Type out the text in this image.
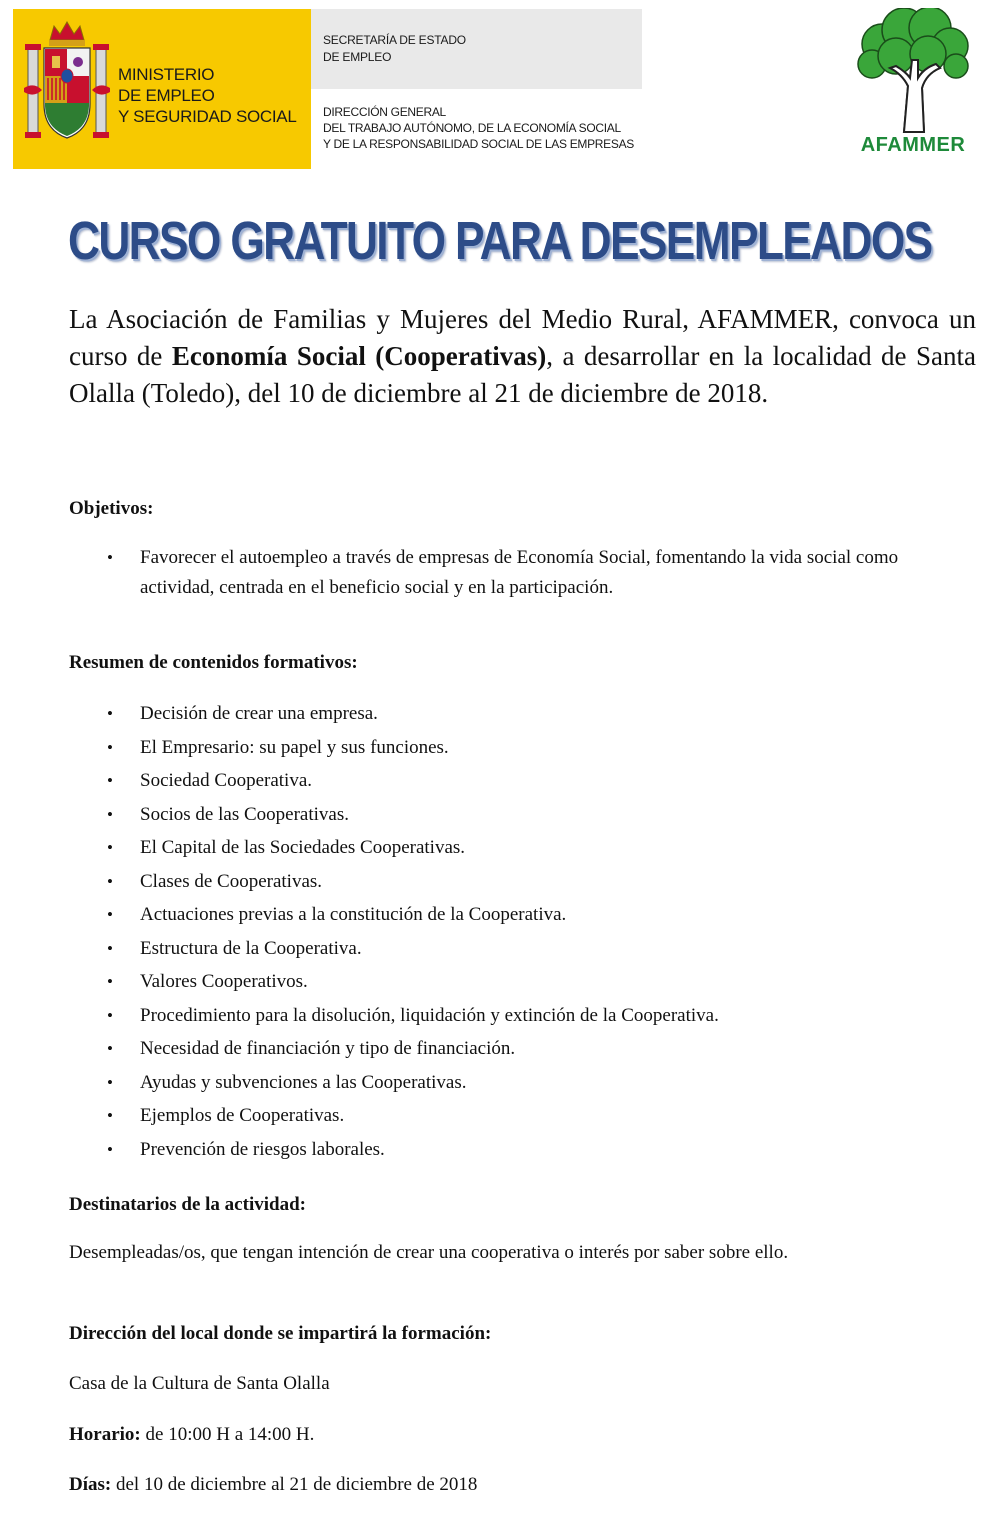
MINISTERIO
DE EMPLEO
Y SEGURIDAD SOCIAL
SECRETARÍA DE ESTADO
DE EMPLEO
DIRECCIÓN GENERAL
DEL TRABAJO AUTÓNOMO, DE LA ECONOMÍA SOCIAL
Y DE LA RESPONSABILIDAD SOCIAL DE LAS EMPRESAS	AFAMMER
CURSO GRATUITO PARA DESEMPLEADOS

La Asociación de Familias y Mujeres del Medio Rural, AFAMMER, convoca un curso de Economía Social (Cooperativas), a desarrollar en la localidad de Santa Olalla (Toledo), del 10 de diciembre al 21 de diciembre de 2018.

Objetivos:

• Favorecer el autoempleo a través de empresas de Economía Social, fomentando la vida social como actividad, centrada en el beneficio social y en la participación.

Resumen de contenidos formativos:

• Decisión de crear una empresa.
• El Empresario: su papel y sus funciones.
• Sociedad Cooperativa.
• Socios de las Cooperativas.
• El Capital de las Sociedades Cooperativas.
• Clases de Cooperativas.
• Actuaciones previas a la constitución de la Cooperativa.
• Estructura de la Cooperativa.
• Valores Cooperativos.
• Procedimiento para la disolución, liquidación y extinción de la Cooperativa.
• Necesidad de financiación y tipo de financiación.
• Ayudas y subvenciones a las Cooperativas.
• Ejemplos de Cooperativas.
• Prevención de riesgos laborales.

Destinatarios de la actividad:

Desempleadas/os, que tengan intención de crear una cooperativa o interés por saber sobre ello.

Dirección del local donde se impartirá la formación:

Casa de la Cultura de Santa Olalla

Horario: de 10:00 H a 14:00 H.

Días: del 10 de diciembre al 21 de diciembre de 2018
